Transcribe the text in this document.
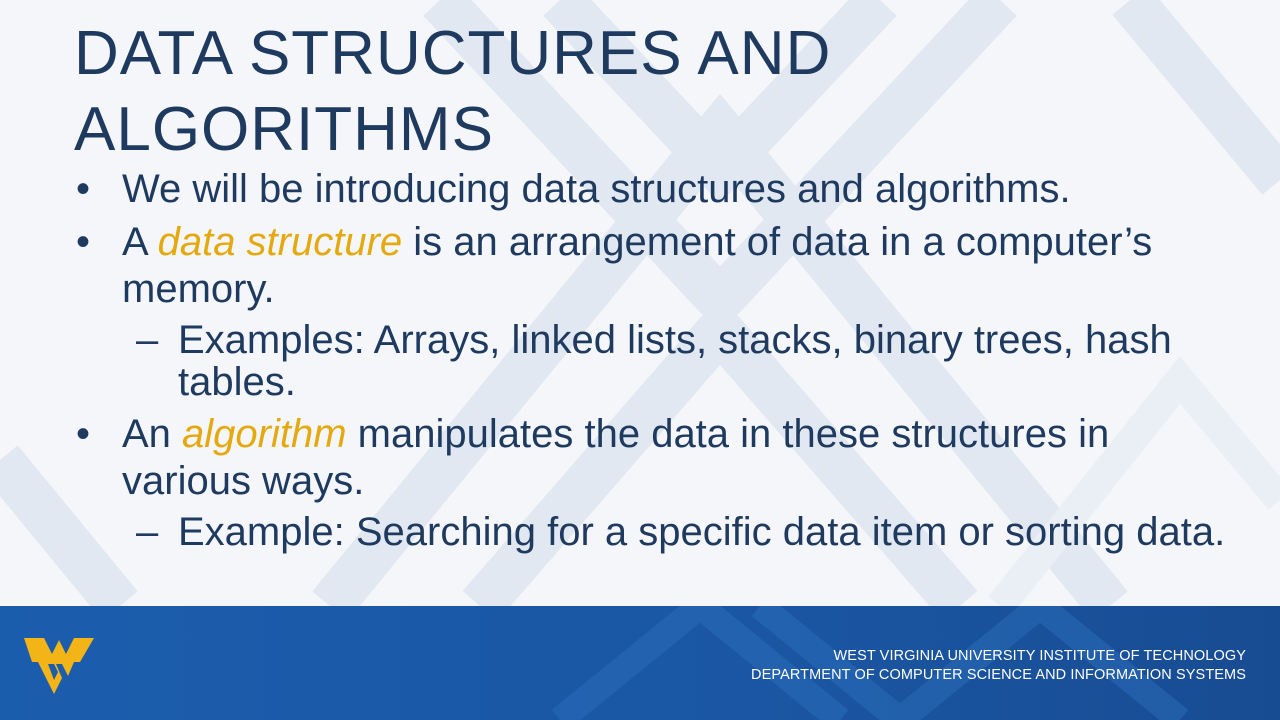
DATA STRUCTURES AND
ALGORITHMS
• We will be introducing data structures and algorithms.
• A data structure is an arrangement of data in a computer’s memory.
– Examples: Arrays, linked lists, stacks, binary trees, hash tables.
• An algorithm manipulates the data in these structures in various ways.
– Example: Searching for a specific data item or sorting data.
WEST VIRGINIA UNIVERSITY INSTITUTE OF TECHNOLOGY
DEPARTMENT OF COMPUTER SCIENCE AND INFORMATION SYSTEMS
